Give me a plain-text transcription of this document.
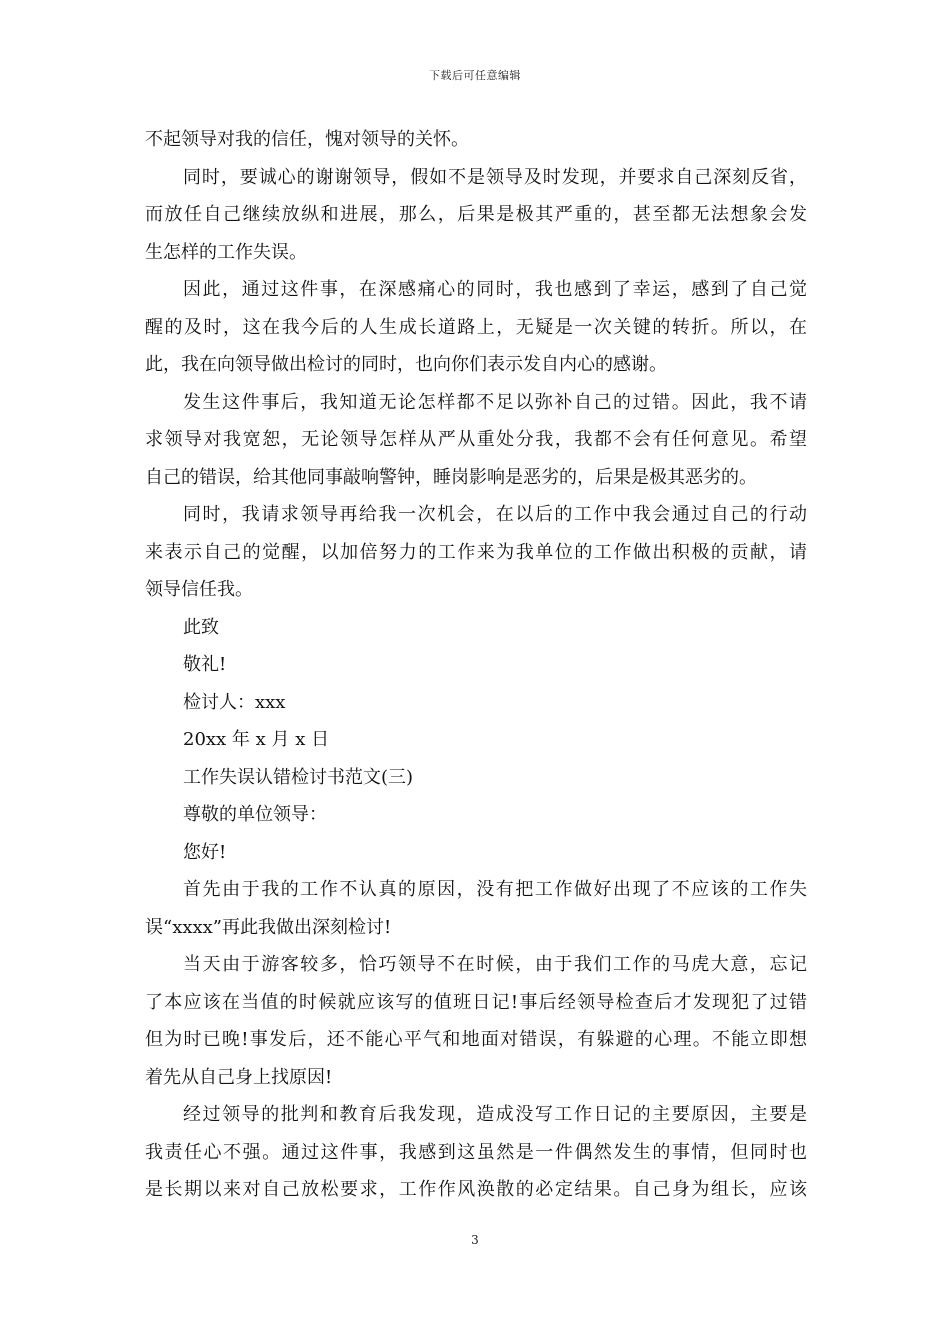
下载后可任意编辑
不起领导对我的信任，愧对领导的关怀。
同时，要诚心的谢谢领导，假如不是领导及时发现，并要求自己深刻反省，
而放任自己继续放纵和进展，那么，后果是极其严重的，甚至都无法想象会发
生怎样的工作失误。
因此，通过这件事，在深感痛心的同时，我也感到了幸运，感到了自己觉
醒的及时，这在我今后的人生成长道路上，无疑是一次关键的转折。所以，在
此，我在向领导做出检讨的同时，也向你们表示发自内心的感谢。
发生这件事后，我知道无论怎样都不足以弥补自己的过错。因此，我不请
求领导对我宽恕，无论领导怎样从严从重处分我，我都不会有任何意见。希望
自己的错误，给其他同事敲响警钟，睡岗影响是恶劣的，后果是极其恶劣的。
同时，我请求领导再给我一次机会，在以后的工作中我会通过自己的行动
来表示自己的觉醒，以加倍努力的工作来为我单位的工作做出积极的贡献，请
领导信任我。
此致
敬礼!
检讨人：xxx
20xx 年 x 月 x 日
工作失误认错检讨书范文(三)
尊敬的单位领导：
您好!
首先由于我的工作不认真的原因，没有把工作做好出现了不应该的工作失
误“xxxx”再此我做出深刻检讨!
当天由于游客较多，恰巧领导不在时候，由于我们工作的马虎大意，忘记
了本应该在当值的时候就应该写的值班日记!事后经领导检查后才发现犯了过错
但为时已晚!事发后，还不能心平气和地面对错误，有躲避的心理。不能立即想
着先从自己身上找原因!
经过领导的批判和教育后我发现，造成没写工作日记的主要原因，主要是
我责任心不强。通过这件事，我感到这虽然是一件偶然发生的事情，但同时也
是长期以来对自己放松要求，工作作风涣散的必定结果。自己身为组长，应该
3
